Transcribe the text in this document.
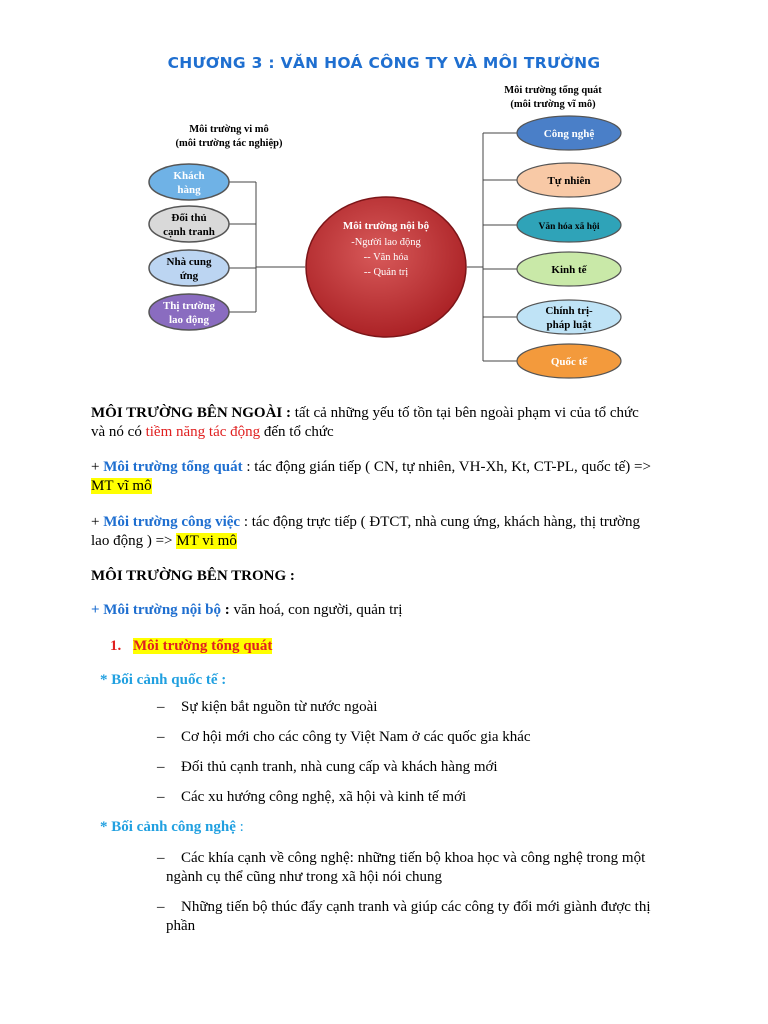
CHƯƠNG 3 : VĂN HOÁ CÔNG TY VÀ MÔI TRƯỜNG
Môi trường vi mô
(môi trường tác nghiệp)
Môi trường tổng quát
(môi trường vĩ mô)
Môi trường nội bộ
-Người lao động
-- Văn hóa
-- Quản trị
Khách
hàng
Đối thủ
cạnh tranh
Nhà cung
ứng
Thị trường
lao động
Công nghệ
Tự nhiên
Văn hóa xã hội
Kinh tế
Chính trị-
pháp luật
Quốc tế
MÔI TRƯỜNG BÊN NGOÀI : tất cả những yếu tố tồn tại bên ngoài phạm vi của tổ chức
và nó có tiềm năng tác động đến tổ chức
+ Môi trường tổng quát : tác động gián tiếp ( CN, tự nhiên, VH-Xh, Kt, CT-PL, quốc tế) =>
MT vĩ mô
+ Môi trường công việc : tác động trực tiếp ( ĐTCT, nhà cung ứng, khách hàng, thị trường
lao động ) => MT vi mô
MÔI TRƯỜNG BÊN TRONG :
+ Môi trường nội bộ : văn hoá, con người, quản trị
1. Môi trường tổng quát
* Bối cảnh quốc tế :
– Sự kiện bắt nguồn từ nước ngoài
– Cơ hội mới cho các công ty Việt Nam ở các quốc gia khác
– Đối thủ cạnh tranh, nhà cung cấp và khách hàng mới
– Các xu hướng công nghệ, xã hội và kinh tế mới
* Bối cảnh công nghệ :
– Các khía cạnh về công nghệ: những tiến bộ khoa học và công nghệ trong một
ngành cụ thể cũng như trong xã hội nói chung
– Những tiến bộ thúc đẩy cạnh tranh và giúp các công ty đổi mới giành được thị
phần
